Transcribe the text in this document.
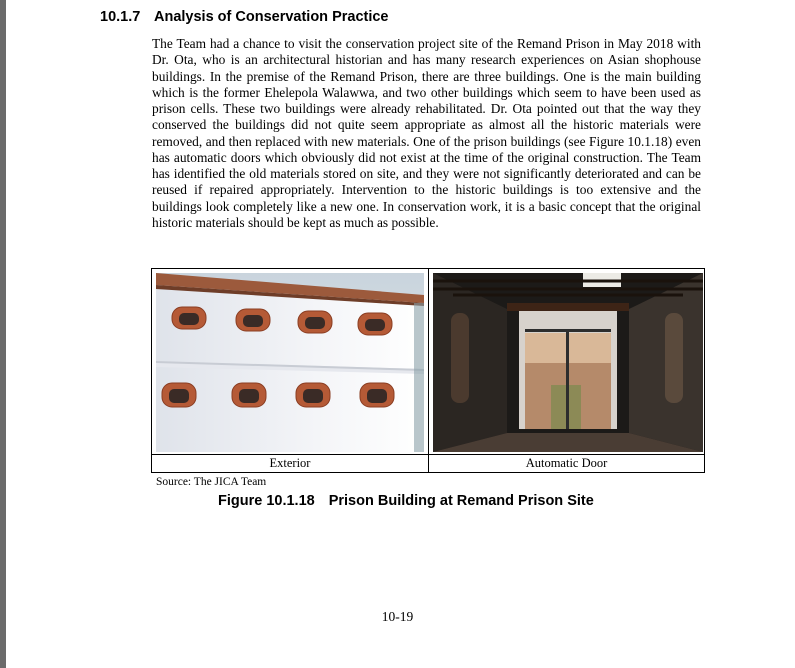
10.1.7 Analysis of Conservation Practice

The Team had a chance to visit the conservation project site of the Remand Prison in May 2018 with Dr. Ota, who is an architectural historian and has many research experiences on Asian shophouse buildings. In the premise of the Remand Prison, there are three buildings. One is the main building which is the former Ehelepola Walawwa, and two other buildings which seem to have been used as prison cells. These two buildings were already rehabilitated. Dr. Ota pointed out that the way they conserved the buildings did not quite seem appropriate as almost all the historic materials were removed, and then replaced with new materials. One of the prison buildings (see Figure 10.1.18) even has automatic doors which obviously did not exist at the time of the original construction. The Team has identified the old materials stored on site, and they were not significantly deteriorated and can be reused if repaired appropriately. Intervention to the historic buildings is too extensive and the buildings look completely like a new one. In conservation work, it is a basic concept that the original historic materials should be kept as much as possible.

Exterior	Automatic Door
Source: The JICA Team
Figure 10.1.18 Prison Building at Remand Prison Site
10-19
